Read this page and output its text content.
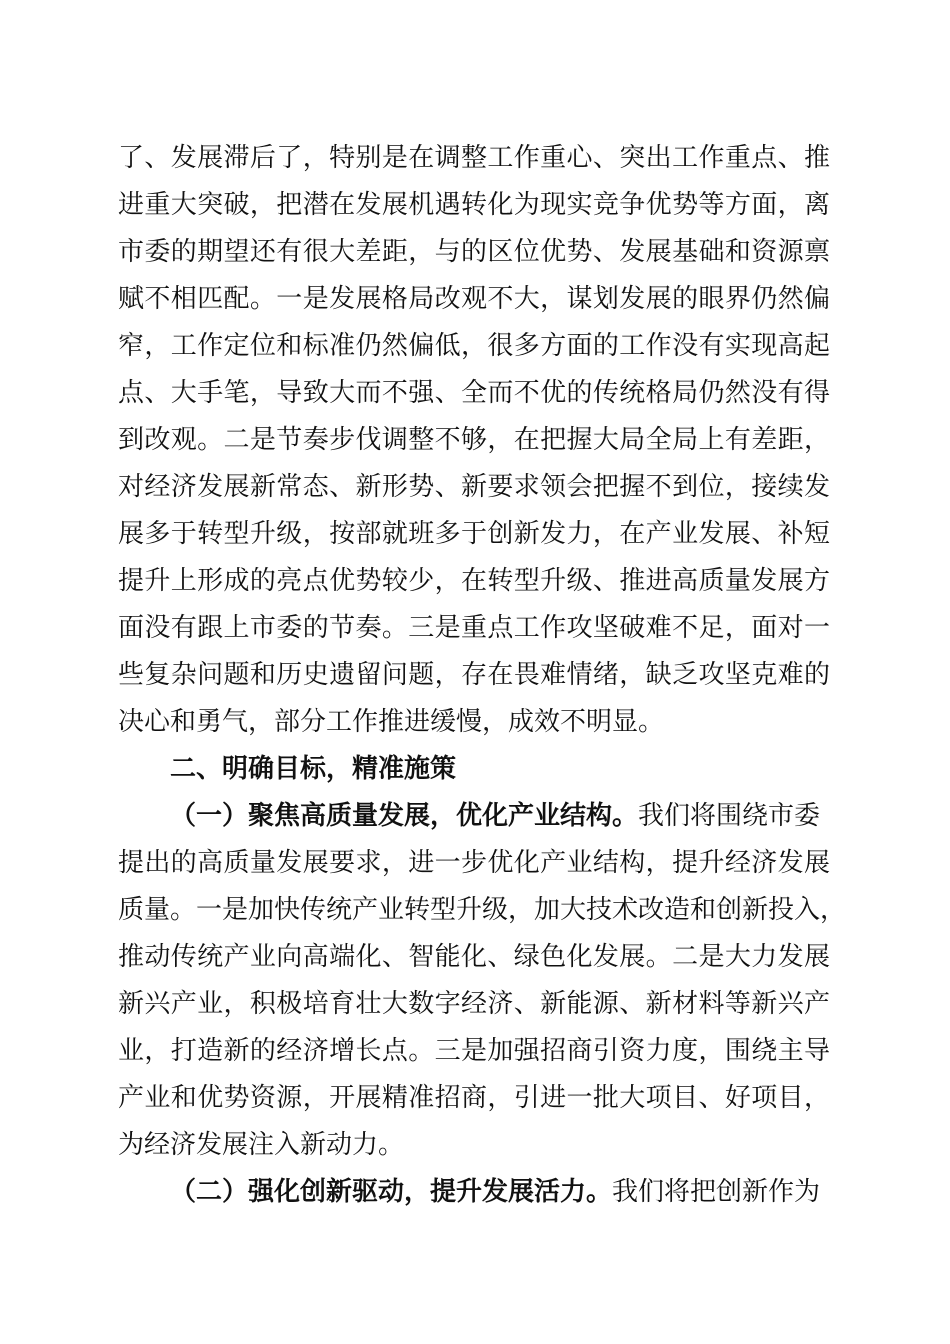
了、发展滞后了，特别是在调整工作重心、突出工作重点、推
进重大突破，把潜在发展机遇转化为现实竞争优势等方面，离
市委的期望还有很大差距，与的区位优势、发展基础和资源禀
赋不相匹配。一是发展格局改观不大，谋划发展的眼界仍然偏
窄，工作定位和标准仍然偏低，很多方面的工作没有实现高起
点、大手笔，导致大而不强、全而不优的传统格局仍然没有得
到改观。二是节奏步伐调整不够，在把握大局全局上有差距，
对经济发展新常态、新形势、新要求领会把握不到位，接续发
展多于转型升级，按部就班多于创新发力，在产业发展、补短
提升上形成的亮点优势较少，在转型升级、推进高质量发展方
面没有跟上市委的节奏。三是重点工作攻坚破难不足，面对一
些复杂问题和历史遗留问题，存在畏难情绪，缺乏攻坚克难的
决心和勇气，部分工作推进缓慢，成效不明显。
二、明确目标，精准施策
（一）聚焦高质量发展，优化产业结构。我们将围绕市委
提出的高质量发展要求，进一步优化产业结构，提升经济发展
质量。一是加快传统产业转型升级，加大技术改造和创新投入，
推动传统产业向高端化、智能化、绿色化发展。二是大力发展
新兴产业，积极培育壮大数字经济、新能源、新材料等新兴产
业，打造新的经济增长点。三是加强招商引资力度，围绕主导
产业和优势资源，开展精准招商，引进一批大项目、好项目，
为经济发展注入新动力。
（二）强化创新驱动，提升发展活力。我们将把创新作为
